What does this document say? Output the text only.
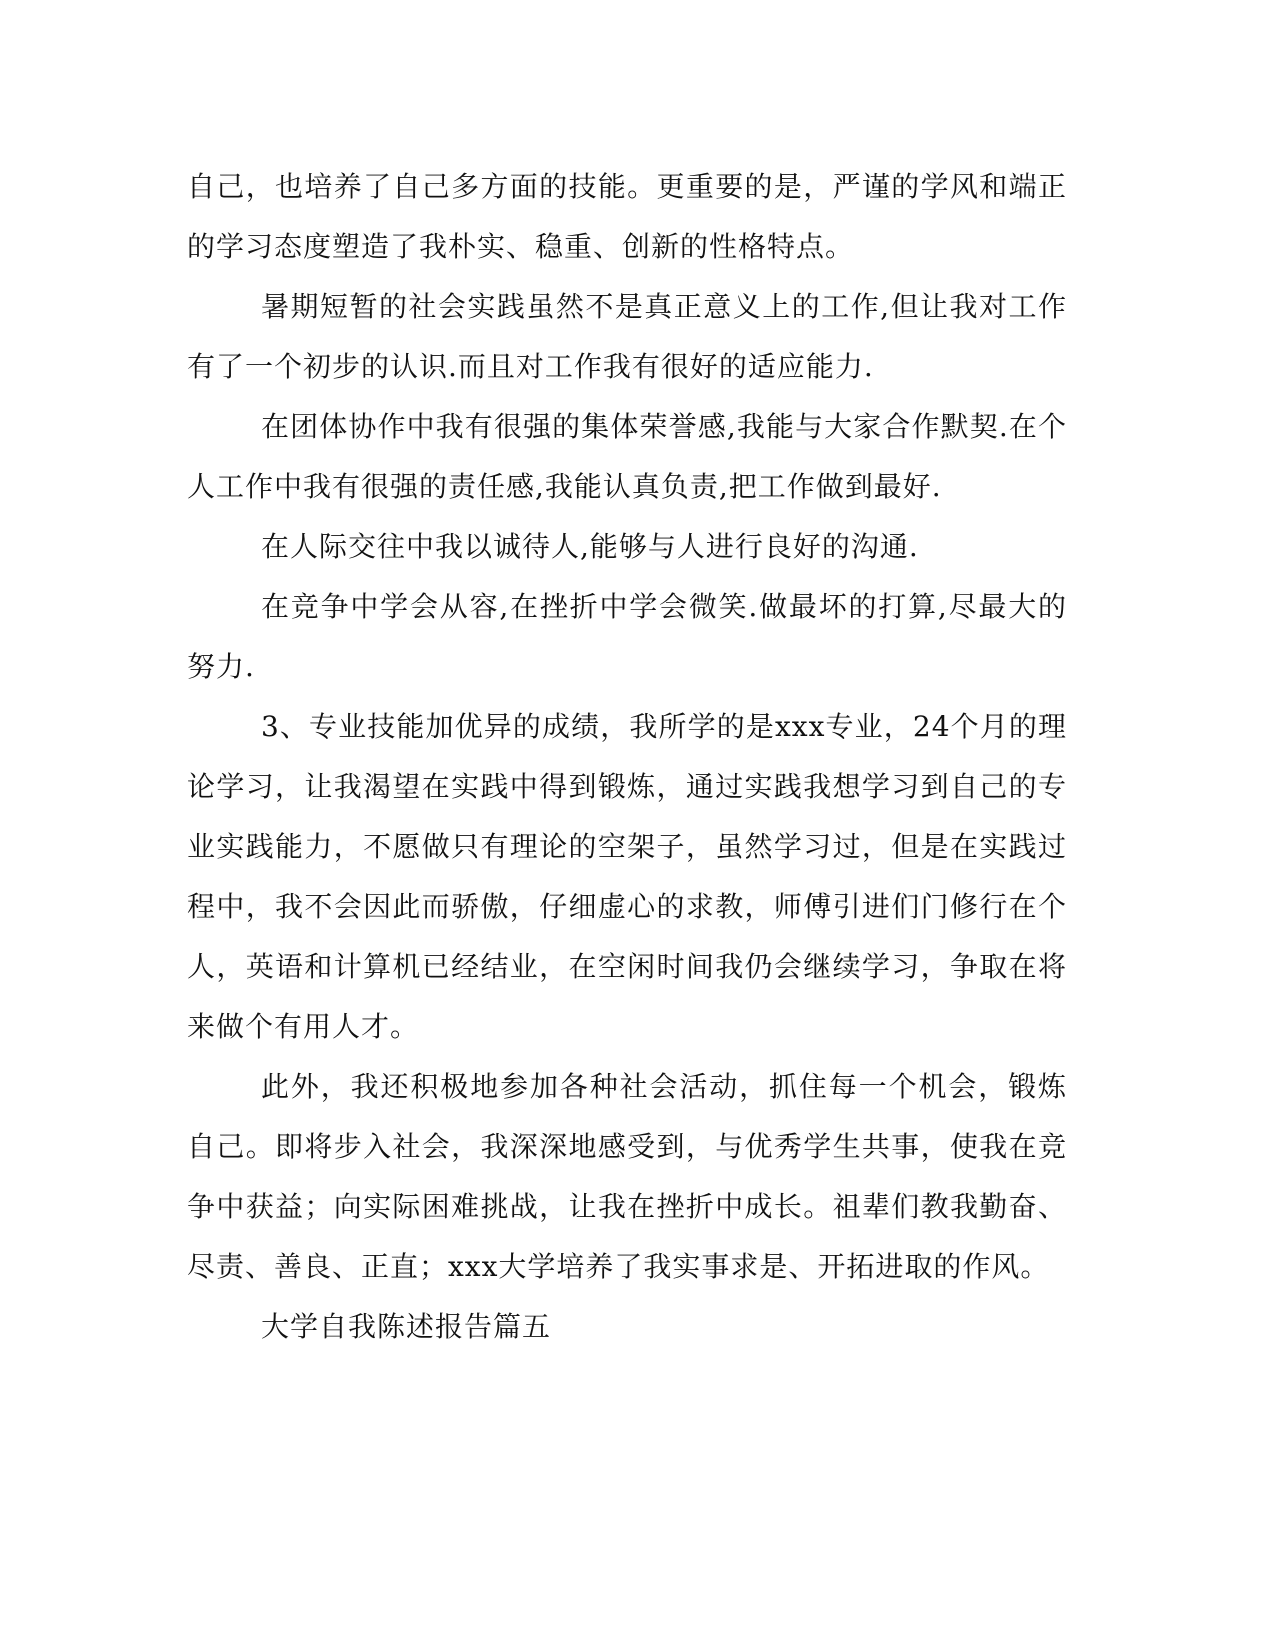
自己，也培养了自己多方面的技能。更重要的是，严谨的学风和端正的学习态度塑造了我朴实、稳重、创新的性格特点。

暑期短暂的社会实践虽然不是真正意义上的工作,但让我对工作有了一个初步的认识.而且对工作我有很好的适应能力.

在团体协作中我有很强的集体荣誉感,我能与大家合作默契.在个人工作中我有很强的责任感,我能认真负责,把工作做到最好.

在人际交往中我以诚待人,能够与人进行良好的沟通.

在竞争中学会从容,在挫折中学会微笑.做最坏的打算,尽最大的努力.

3、专业技能加优异的成绩，我所学的是xxx专业，24个月的理论学习，让我渴望在实践中得到锻炼，通过实践我想学习到自己的专业实践能力，不愿做只有理论的空架子，虽然学习过，但是在实践过程中，我不会因此而骄傲，仔细虚心的求教，师傅引进们门修行在个人，英语和计算机已经结业，在空闲时间我仍会继续学习，争取在将来做个有用人才。

此外，我还积极地参加各种社会活动，抓住每一个机会，锻炼自己。即将步入社会，我深深地感受到，与优秀学生共事，使我在竞争中获益；向实际困难挑战，让我在挫折中成长。祖辈们教我勤奋、尽责、善良、正直；xxx大学培养了我实事求是、开拓进取的作风。

大学自我陈述报告篇五
